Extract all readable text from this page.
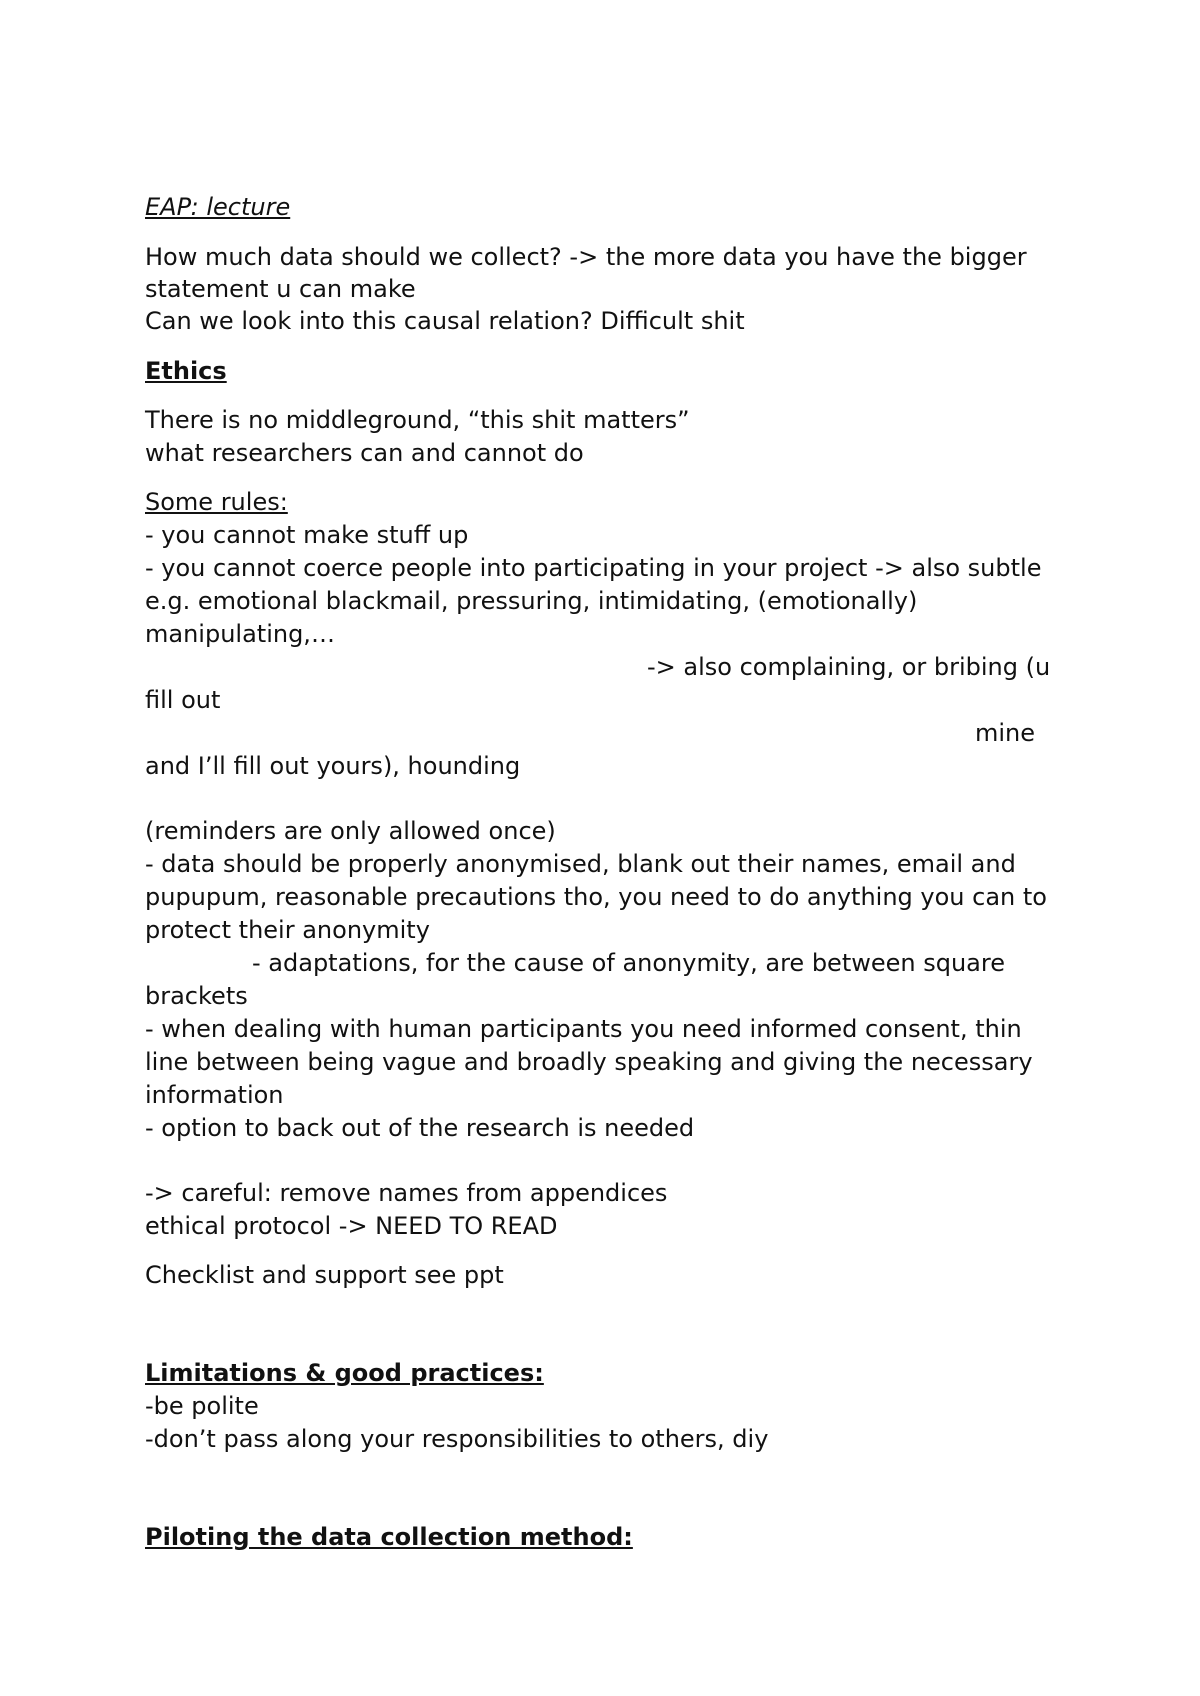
EAP: lecture
How much data should we collect? -> the more data you have the bigger
statement u can make
Can we look into this causal relation? Difficult shit
Ethics
There is no middleground, “this shit matters”
what researchers can and cannot do
Some rules:
- you cannot make stuff up
- you cannot coerce people into participating in your project -> also subtle
e.g. emotional blackmail, pressuring, intimidating, (emotionally)
manipulating,…
-> also complaining, or bribing (u
fill out
mine
and I’ll fill out yours), hounding
(reminders are only allowed once)
- data should be properly anonymised, blank out their names, email and
pupupum, reasonable precautions tho, you need to do anything you can to
protect their anonymity
- adaptations, for the cause of anonymity, are between square
brackets
- when dealing with human participants you need informed consent, thin
line between being vague and broadly speaking and giving the necessary
information
- option to back out of the research is needed
-> careful: remove names from appendices
ethical protocol -> NEED TO READ
Checklist and support see ppt
Limitations & good practices:
-be polite
-don’t pass along your responsibilities to others, diy
Piloting the data collection method:
